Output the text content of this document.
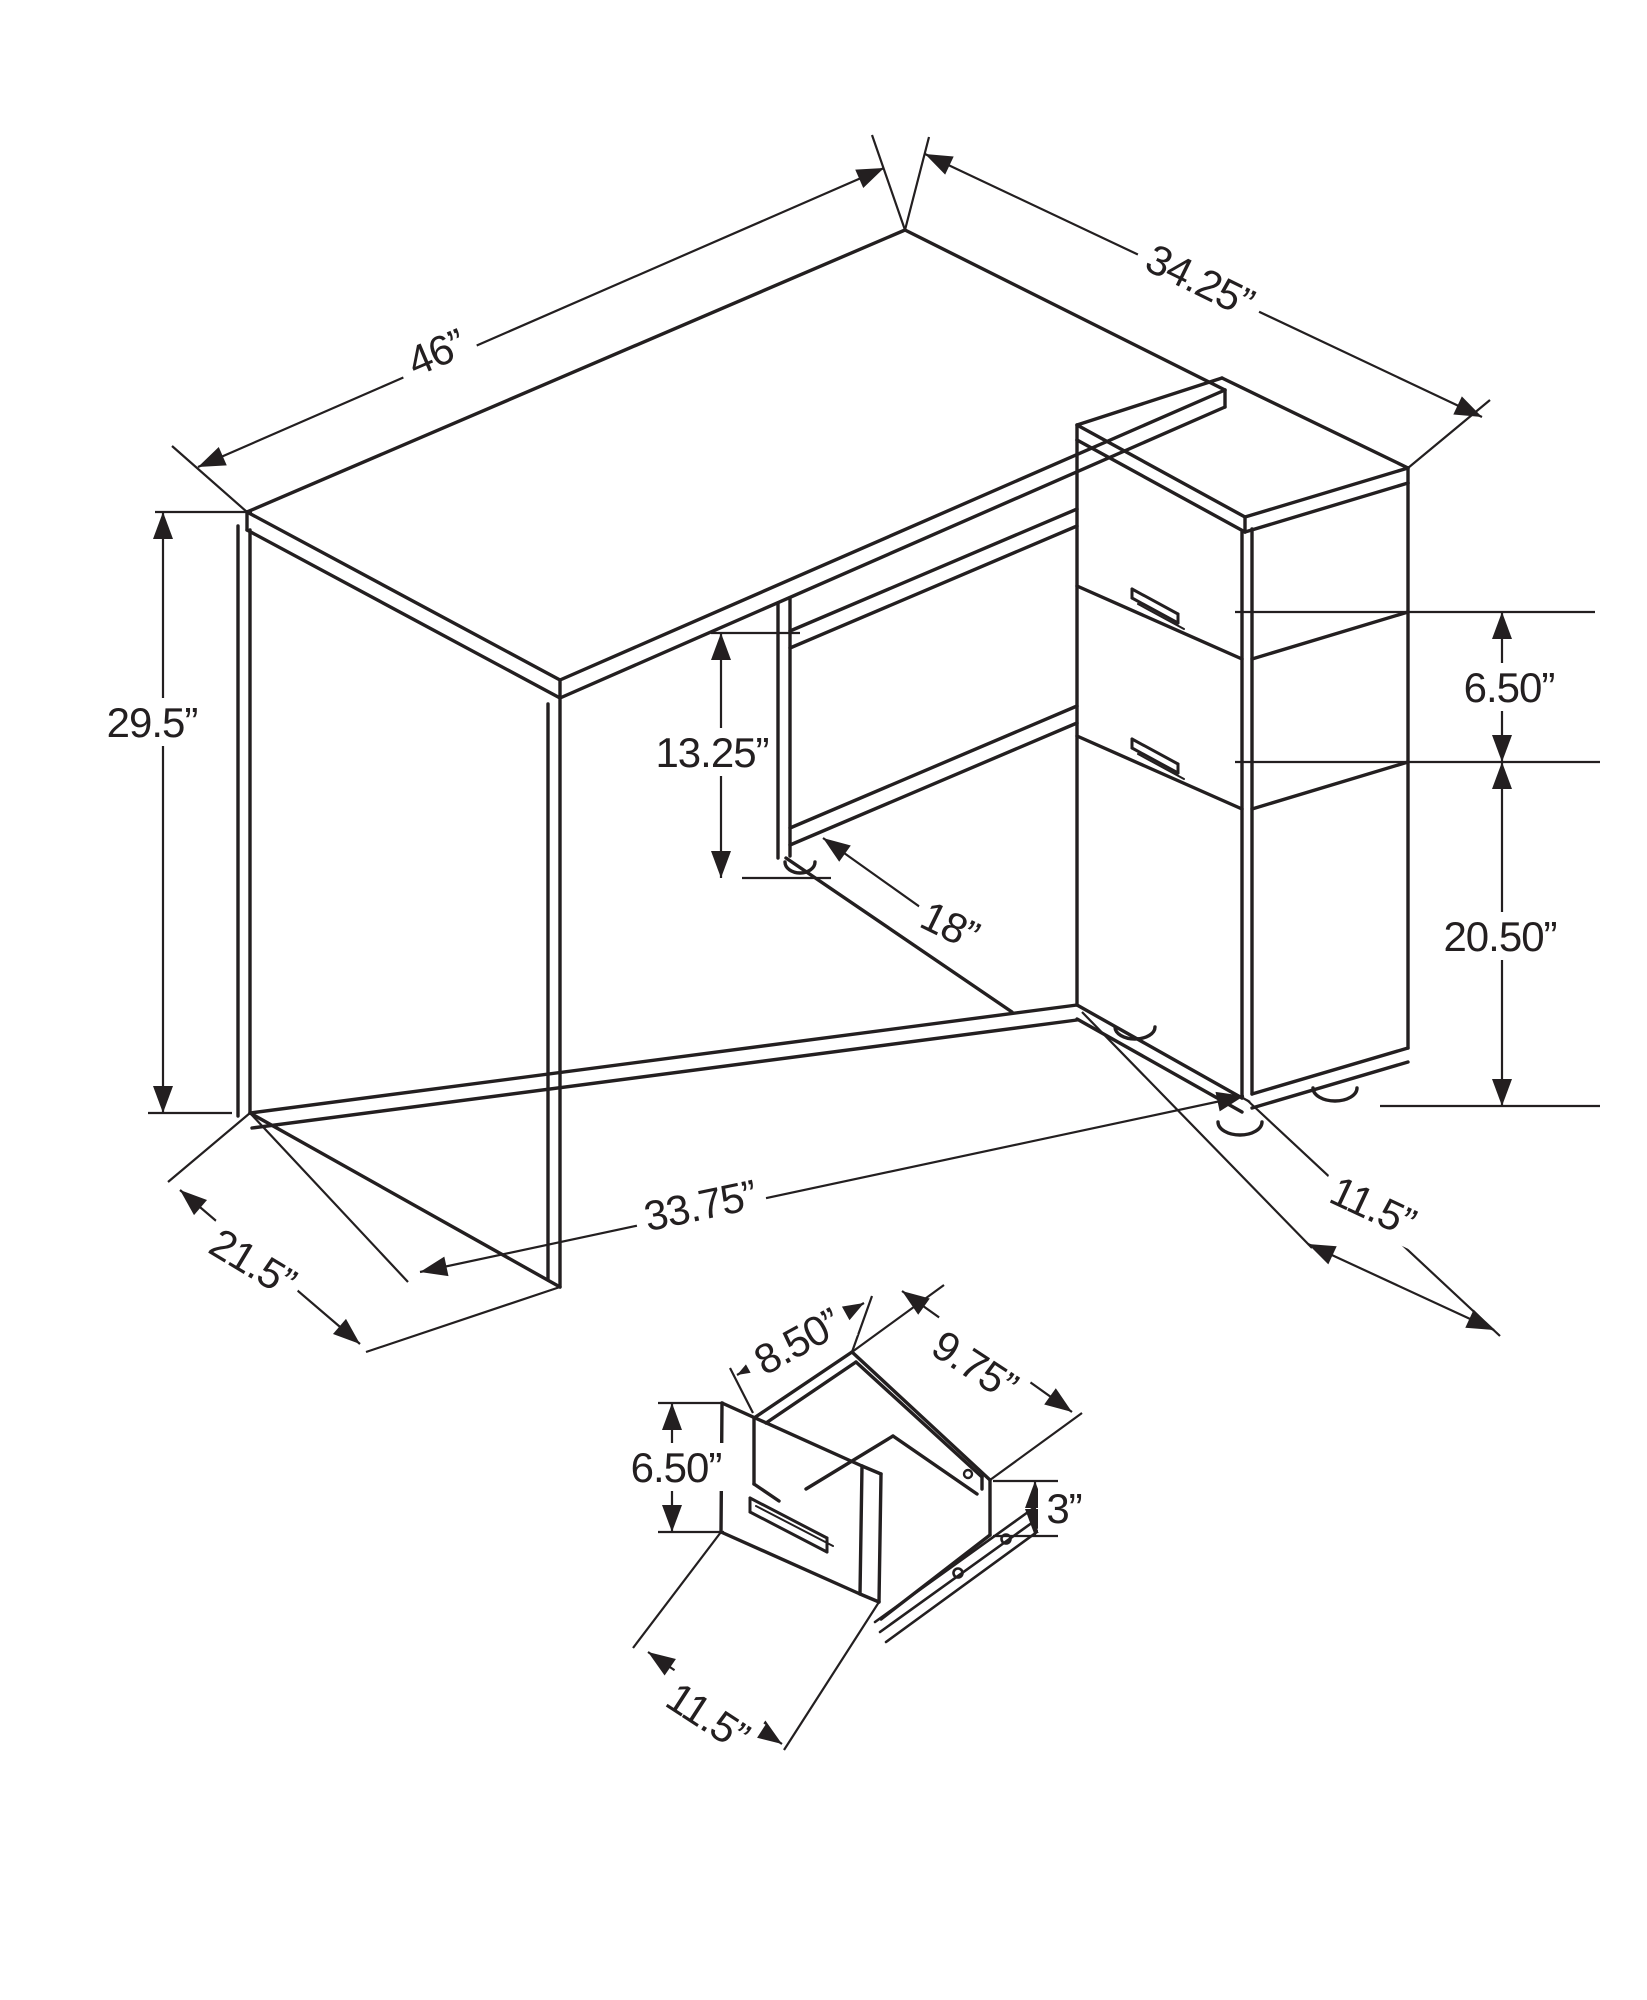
46”
34.25”
29.5”
13.25”
6.50”
20.50”
18”
33.75”
21.5”
11.5”
8.50” 9.75”
6.50”
3”
11.5”
